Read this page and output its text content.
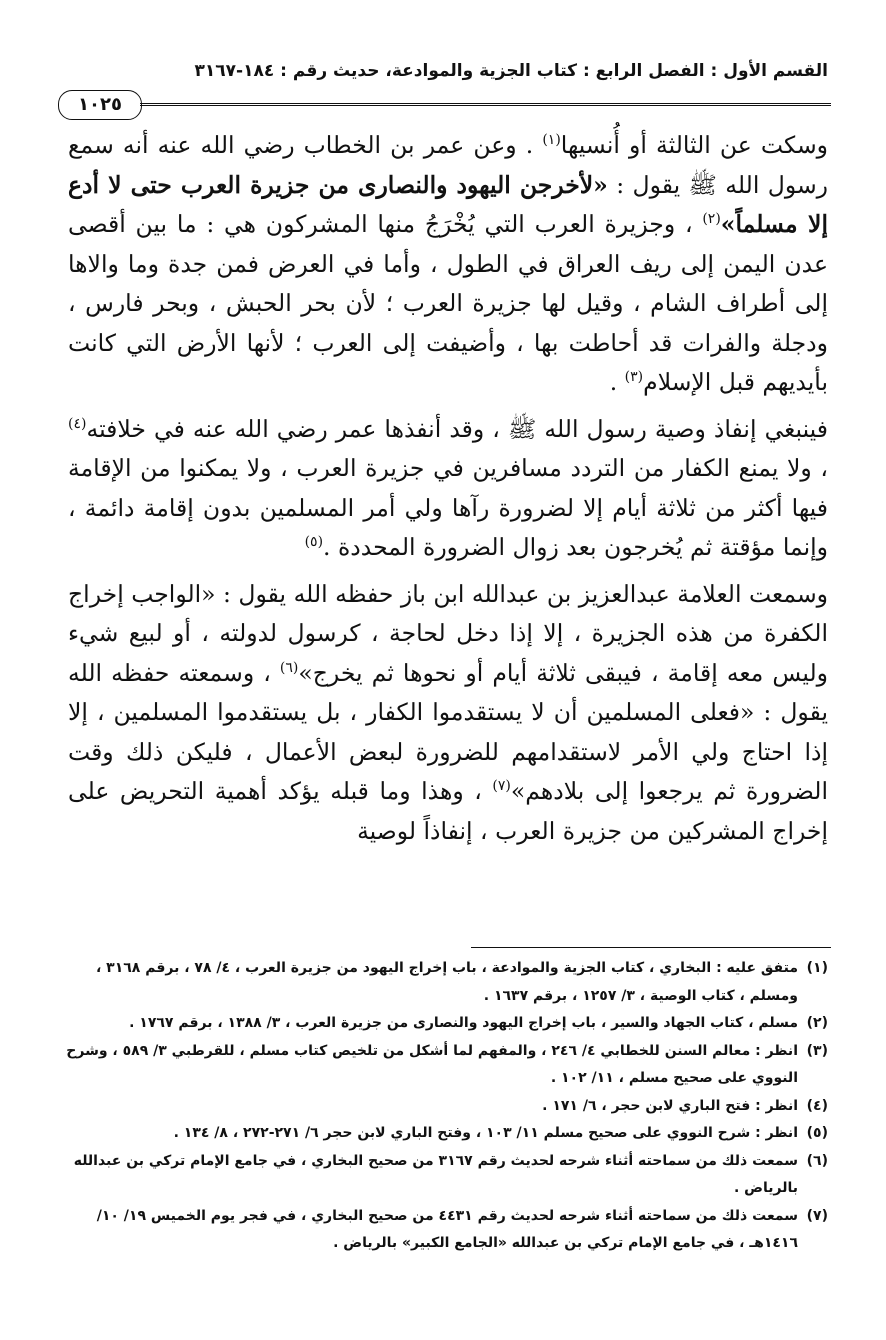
القسم الأول : الفصل الرابع : كتاب الجزية والموادعة، حديث رقم : ١٨٤-٣١٦٧
١٠٢٥

وسكت عن الثالثة أو أُنسيها$^{(١)}$ . وعن عمر بن الخطاب رضي الله عنه أنه سمع رسول الله ﷺ يقول : «لأخرجن اليهود والنصارى من جزيرة العرب حتى لا أدع إلا مسلماً»$^{(٢)}$ ، وجزيرة العرب التي يُخْرَجُ منها المشركون هي : ما بين أقصى عدن اليمن إلى ريف العراق في الطول ، وأما في العرض فمن جدة وما والاها إلى أطراف الشام ، وقيل لها جزيرة العرب ؛ لأن بحر الحبش ، وبحر فارس ، ودجلة والفرات قد أحاطت بها ، وأضيفت إلى العرب ؛ لأنها الأرض التي كانت بأيديهم قبل الإسلام$^{(٣)}$ .

فينبغي إنفاذ وصية رسول الله ﷺ ، وقد أنفذها عمر رضي الله عنه في خلافته$^{(٤)}$ ، ولا يمنع الكفار من التردد مسافرين في جزيرة العرب ، ولا يمكنوا من الإقامة فيها أكثر من ثلاثة أيام إلا لضرورة رآها ولي أمر المسلمين بدون إقامة دائمة ، وإنما مؤقتة ثم يُخرجون بعد زوال الضرورة المحددة .$^{(٥)}$

وسمعت العلامة عبدالعزيز بن عبدالله ابن باز حفظه الله يقول : «الواجب إخراج الكفرة من هذه الجزيرة ، إلا إذا دخل لحاجة ، كرسول لدولته ، أو لبيع شيء وليس معه إقامة ، فيبقى ثلاثة أيام أو نحوها ثم يخرج»$^{(٦)}$ ، وسمعته حفظه الله يقول : «فعلى المسلمين أن لا يستقدموا الكفار ، بل يستقدموا المسلمين ، إلا إذا احتاج ولي الأمر لاستقدامهم للضرورة لبعض الأعمال ، فليكن ذلك وقت الضرورة ثم يرجعوا إلى بلادهم»$^{(٧)}$ ، وهذا وما قبله يؤكد أهمية التحريض على إخراج المشركين من جزيرة العرب ، إنفاذاً لوصية

(١)
متفق عليه : البخاري ، كتاب الجزية والموادعة ، باب إخراج اليهود من جزيرة العرب ، ٤/ ٧٨ ، برقم ٣١٦٨ ، ومسلم ، كتاب الوصية ، ٣/ ١٢٥٧ ، برقم ١٦٣٧ .

(٢)
مسلم ، كتاب الجهاد والسير ، باب إخراج اليهود والنصارى من جزيرة العرب ، ٣/ ١٣٨٨ ، برقم ١٧٦٧ .

(٣)
انظر : معالم السنن للخطابي ٤/ ٢٤٦ ، والمفهم لما أشكل من تلخيص كتاب مسلم ، للقرطبي ٣/ ٥٨٩ ، وشرح النووي على صحيح مسلم ، ١١/ ١٠٢ .

(٤)
انظر : فتح الباري لابن حجر ، ٦/ ١٧١ .

(٥)
انظر : شرح النووي على صحيح مسلم ١١/ ١٠٣ ، وفتح الباري لابن حجر ٦/ ٢٧١-٢٧٢ ، ٨/ ١٣٤ .

(٦)
سمعت ذلك من سماحته أثناء شرحه لحديث رقم ٣١٦٧ من صحيح البخاري ، في جامع الإمام تركي بن عبدالله بالرياض .

(٧)
سمعت ذلك من سماحته أثناء شرحه لحديث رقم ٤٤٣١ من صحيح البخاري ، في فجر يوم الخميس ١٩/ ١٠/ ١٤١٦هـ ، في جامع الإمام تركي بن عبدالله «الجامع الكبير» بالرياض .
